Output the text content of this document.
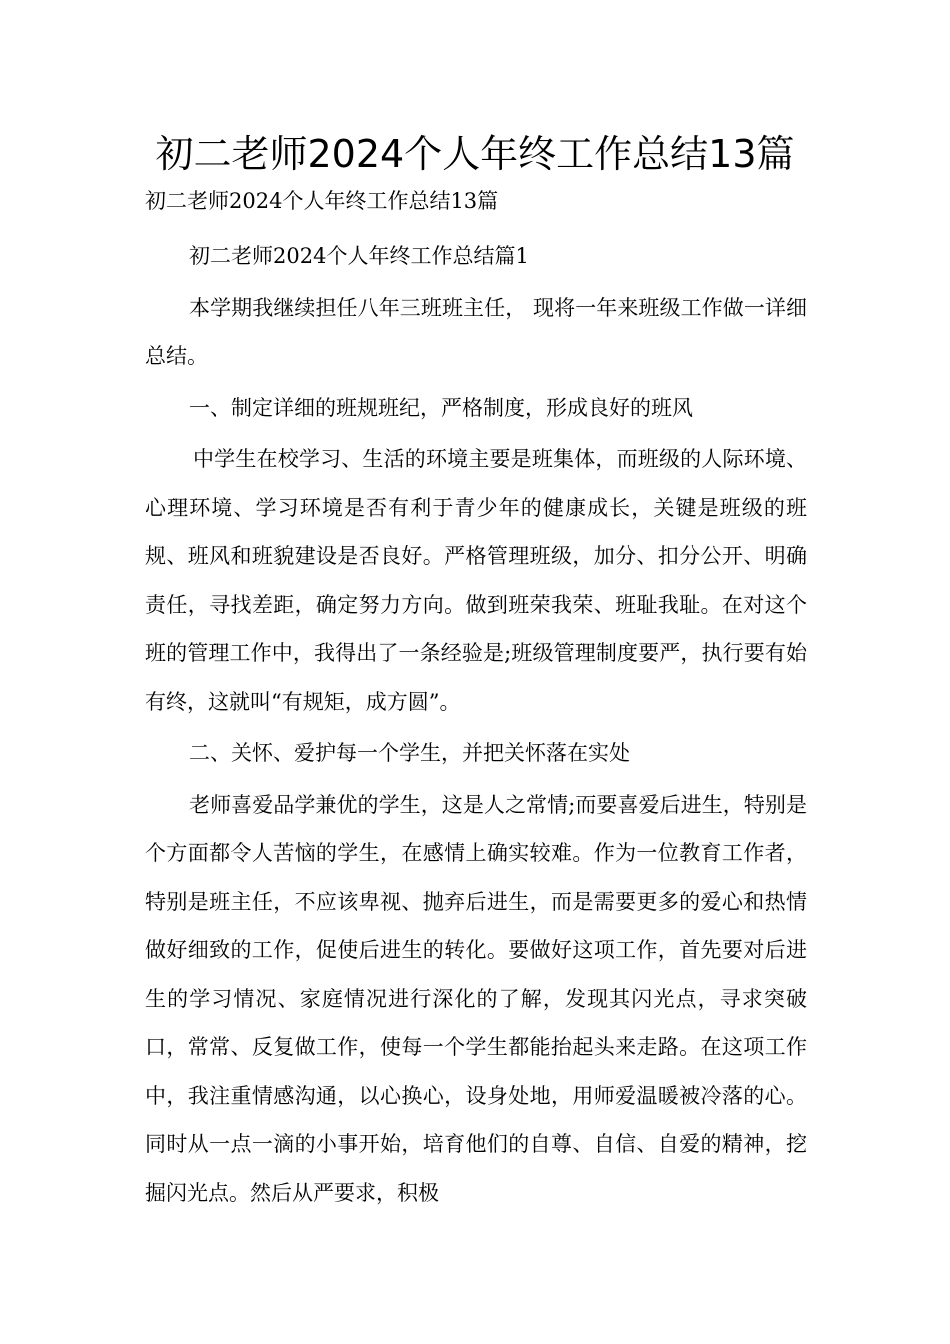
初二老师2024个人年终工作总结13篇

初二老师2024个人年终工作总结13篇

初二老师2024个人年终工作总结篇1

本学期我继续担任八年三班班主任， 现将一年来班级工作做一详细总结。

一、制定详细的班规班纪，严格制度，形成良好的班风

中学生在校学习、生活的环境主要是班集体，而班级的人际环境、心理环境、学习环境是否有利于青少年的健康成长，关键是班级的班规、班风和班貌建设是否良好。严格管理班级，加分、扣分公开、明确责任，寻找差距，确定努力方向。做到班荣我荣、班耻我耻。在对这个班的管理工作中，我得出了一条经验是;班级管理制度要严，执行要有始有终，这就叫“有规矩，成方圆”。

二、关怀、爱护每一个学生，并把关怀落在实处

老师喜爱品学兼优的学生，这是人之常情;而要喜爱后进生，特别是个方面都令人苦恼的学生，在感情上确实较难。作为一位教育工作者，特别是班主任，不应该卑视、抛弃后进生，而是需要更多的爱心和热情做好细致的工作，促使后进生的转化。要做好这项工作，首先要对后进生的学习情况、家庭情况进行深化的了解，发现其闪光点，寻求突破口，常常、反复做工作，使每一个学生都能抬起头来走路。在这项工作中，我注重情感沟通，以心换心，设身处地，用师爱温暖被冷落的心。同时从一点一滴的小事开始，培育他们的自尊、自信、自爱的精神，挖掘闪光点。然后从严要求，积极
